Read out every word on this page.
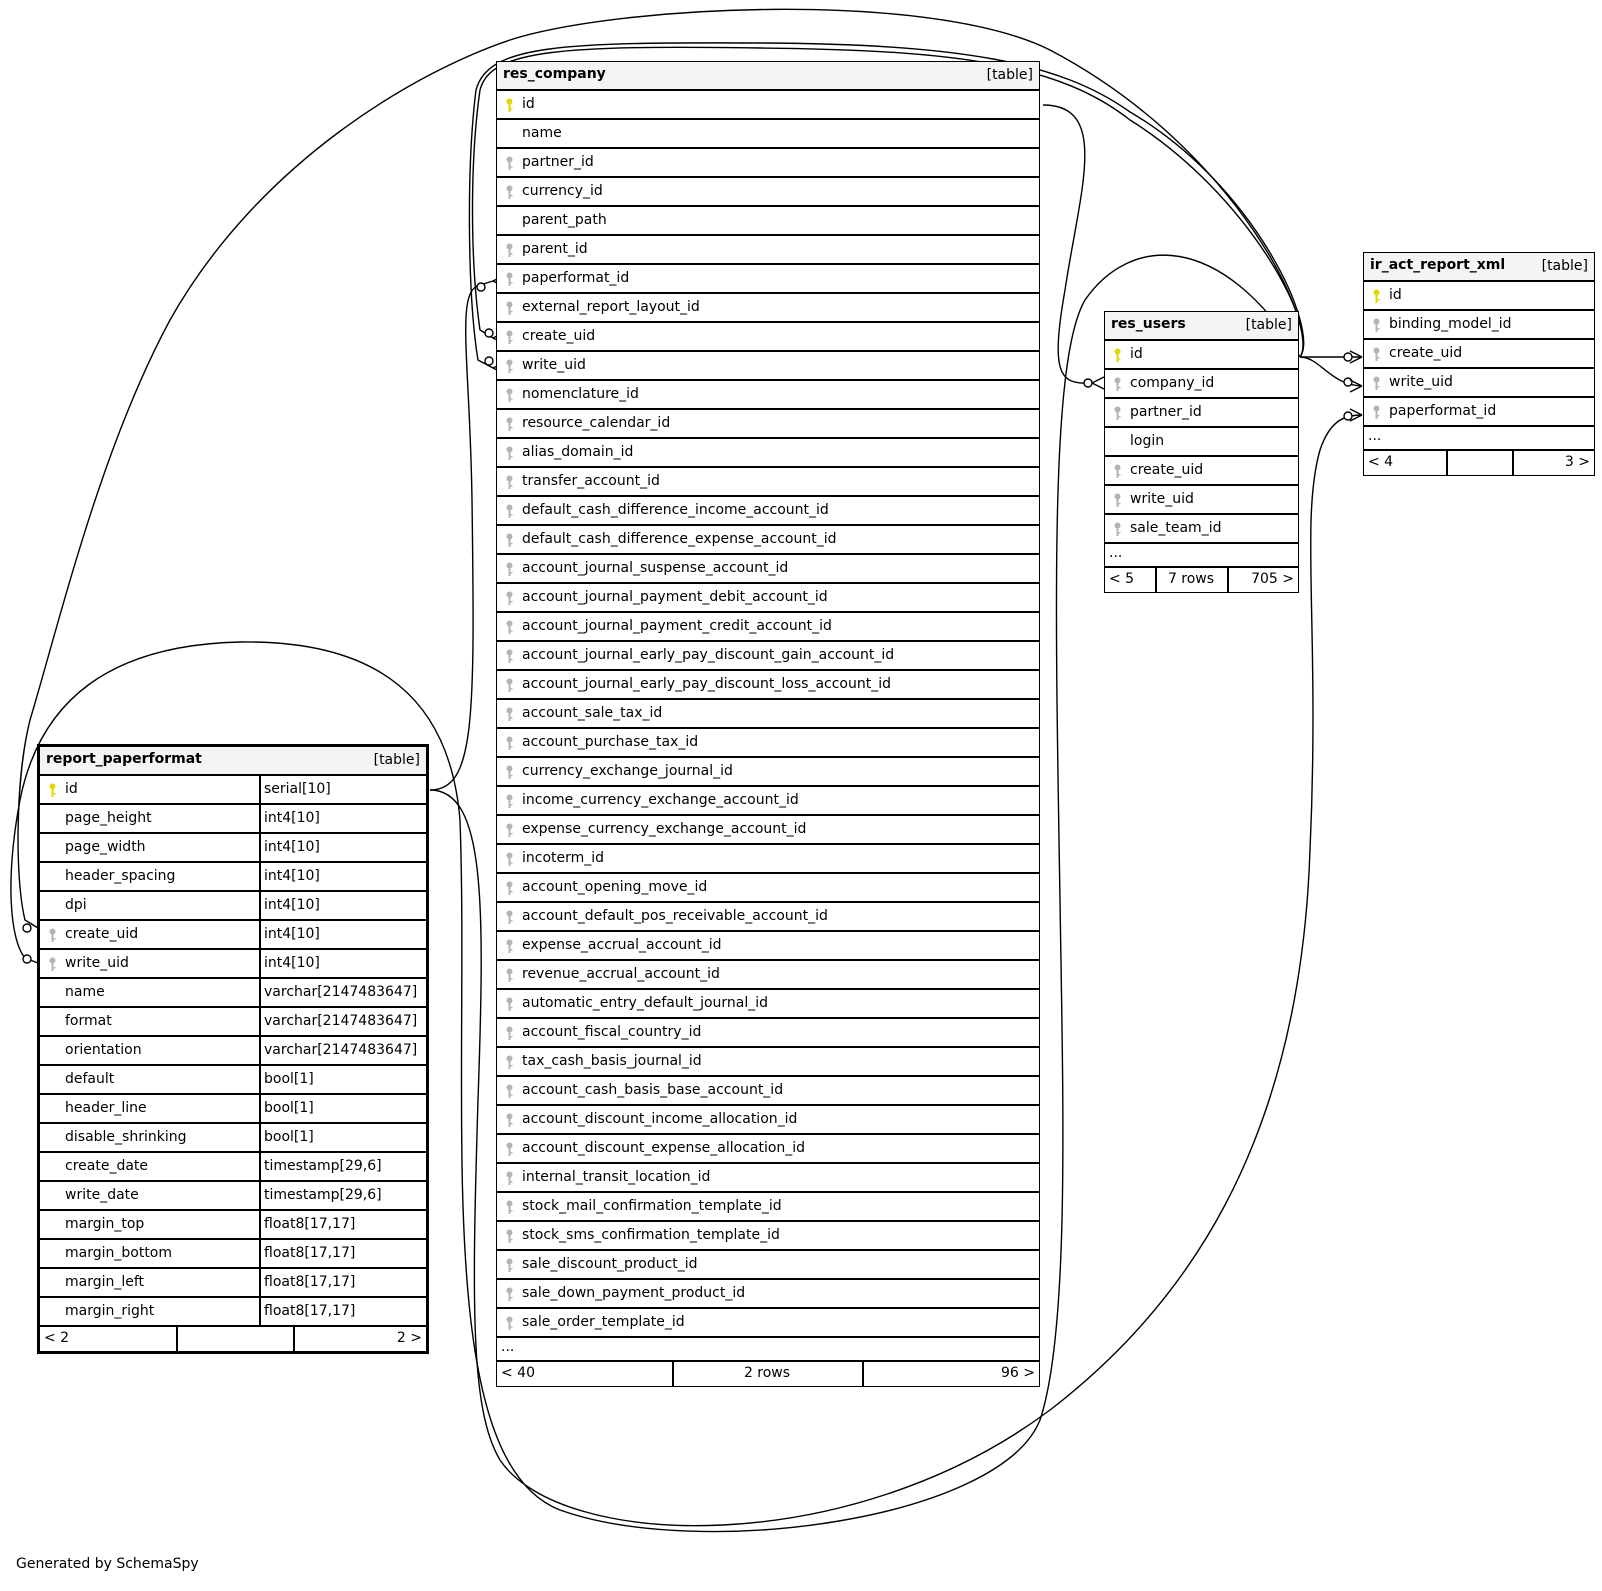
res_company	[table]
id
name
partner_id
currency_id
parent_path
parent_id
paperformat_id
external_report_layout_id
create_uid
write_uid
nomenclature_id
resource_calendar_id
alias_domain_id
transfer_account_id
default_cash_difference_income_account_id
default_cash_difference_expense_account_id
account_journal_suspense_account_id
account_journal_payment_debit_account_id
account_journal_payment_credit_account_id
account_journal_early_pay_discount_gain_account_id
account_journal_early_pay_discount_loss_account_id
account_sale_tax_id
account_purchase_tax_id
currency_exchange_journal_id
income_currency_exchange_account_id
expense_currency_exchange_account_id
incoterm_id
account_opening_move_id
account_default_pos_receivable_account_id
expense_accrual_account_id
revenue_accrual_account_id
automatic_entry_default_journal_id
account_fiscal_country_id
tax_cash_basis_journal_id
account_cash_basis_base_account_id
account_discount_income_allocation_id
account_discount_expense_allocation_id
internal_transit_location_id
stock_mail_confirmation_template_id
stock_sms_confirmation_template_id
sale_discount_product_id
sale_down_payment_product_id
sale_order_template_id
...
< 40	2 rows	96 >
res_users	[table]
id
company_id
partner_id
login
create_uid
write_uid
sale_team_id
...
< 5	7 rows	705 >
ir_act_report_xml	[table]
id
binding_model_id
create_uid
write_uid
paperformat_id
...
< 4	3 >
report_paperformat	[table]
id	serial[10]
page_height	int4[10]
page_width	int4[10]
header_spacing	int4[10]
dpi	int4[10]
create_uid	int4[10]
write_uid	int4[10]
name	varchar[2147483647]
format	varchar[2147483647]
orientation	varchar[2147483647]
default	bool[1]
header_line	bool[1]
disable_shrinking	bool[1]
create_date	timestamp[29,6]
write_date	timestamp[29,6]
margin_top	float8[17,17]
margin_bottom	float8[17,17]
margin_left	float8[17,17]
margin_right	float8[17,17]
< 2	2 >
Generated by SchemaSpy
